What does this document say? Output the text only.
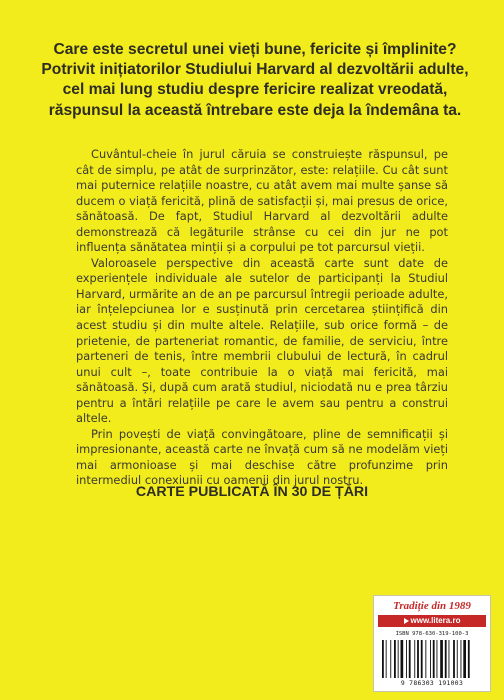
Care este secretul unei vieți bune, fericite și împlinite? Potrivit inițiatorilor Studiului Harvard al dezvoltării adulte, cel mai lung studiu despre fericire realizat vreodată, răspunsul la această întrebare este deja la îndemâna ta.

Cuvântul-cheie în jurul căruia se construiește răspunsul, pe cât de simplu, pe atât de surprinzător, este: relațiile. Cu cât sunt mai puternice relațiile noastre, cu atât avem mai multe șanse să ducem o viață fericită, plină de satisfacții și, mai presus de orice, sănătoasă. De fapt, Studiul Harvard al dezvoltării adulte demonstrează că legăturile strânse cu cei din jur ne pot influența sănătatea minții și a corpului pe tot parcursul vieții.

Valoroasele perspective din această carte sunt date de experiențele individuale ale sutelor de participanți la Studiul Harvard, urmărite an de an pe parcursul întregii perioade adulte, iar înțelepciunea lor e susținută prin cercetarea științifică din acest studiu și din multe altele. Relațiile, sub orice formă – de prietenie, de parteneriat romantic, de familie, de serviciu, între parteneri de tenis, între membrii clubului de lectură, în cadrul unui cult –, toate contribuie la o viață mai fericită, mai sănătoasă. Și, după cum arată studiul, niciodată nu e prea târziu pentru a întări relațiile pe care le avem sau pentru a construi altele.

Prin povești de viață convingătoare, pline de semnificații și impresionante, această carte ne învață cum să ne modelăm vieți mai armonioase și mai deschise către profunzime prin intermediul conexiunii cu oamenii din jurul nostru.

CARTE PUBLICATĂ ÎN 30 DE ȚĂRI

Tradiție din 1989
www.litera.ro
ISBN 978-630-319-100-3
9 786303 191003
